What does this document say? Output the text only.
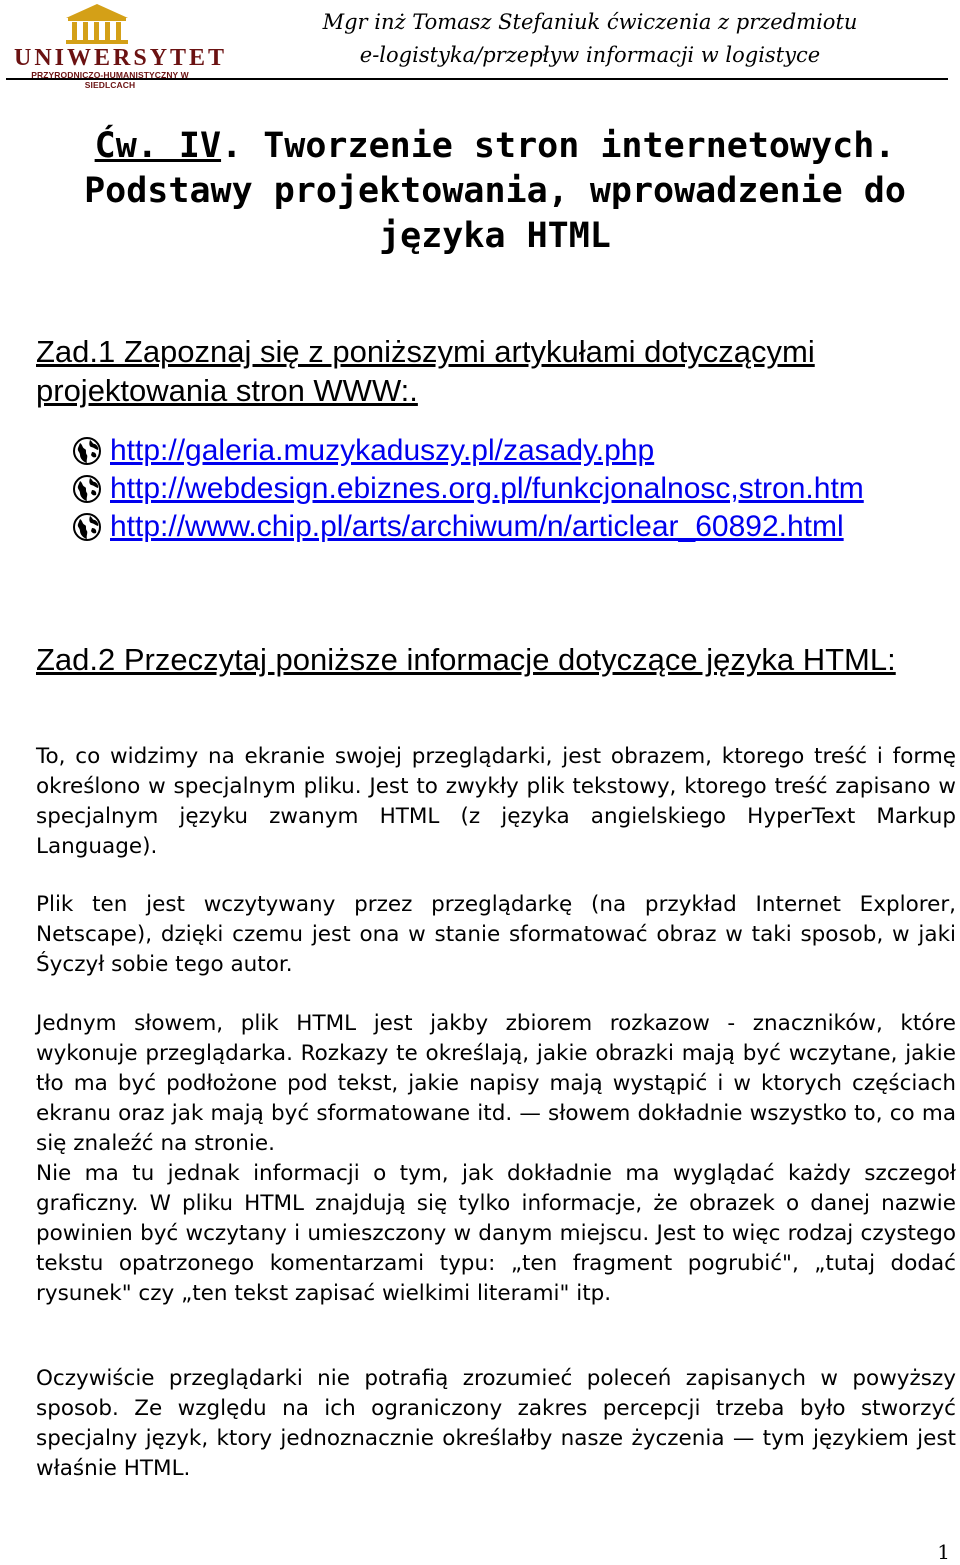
UNIWERSYTET
PRZYRODNICZO-HUMANISTYCZNY W SIEDLCACH
Mgr inż Tomasz Stefaniuk ćwiczenia z przedmiotu
e-logistyka/przepływ informacji w logistyce
Ćw. IV. Tworzenie stron internetowych.
Podstawy projektowania, wprowadzenie do
języka HTML
Zad.1 Zapoznaj się z poniższymi artykułami dotyczącymi projektowania stron WWW:.
http://galeria.muzykaduszy.pl/zasady.php
http://webdesign.ebiznes.org.pl/funkcjonalnosc,stron.htm
http://www.chip.pl/arts/archiwum/n/articlear_60892.html
Zad.2 Przeczytaj poniższe informacje dotyczące języka HTML:

To, co widzimy na ekranie swojej przeglądarki, jest obrazem, ktorego treść i formę określono w specjalnym pliku. Jest to zwykły plik tekstowy, ktorego treść zapisano w specjalnym języku zwanym HTML (z języka angielskiego HyperText Markup Language).

Plik ten jest wczytywany przez przeglądarkę (na przykład Internet Explorer, Netscape), dzięki czemu jest ona w stanie sformatować obraz w taki sposob, w jaki Śyczył sobie tego autor.

Jednym słowem, plik HTML jest jakby zbiorem rozkazow - znaczników, które wykonuje przeglądarka. Rozkazy te określają, jakie obrazki mają być wczytane, jakie tło ma być podłożone pod tekst, jakie napisy mają wystąpić i w ktorych częściach ekranu oraz jak mają być sformatowane itd. — słowem dokładnie wszystko to, co ma się znaleźć na stronie.
Nie ma tu jednak informacji o tym, jak dokładnie ma wyglądać każdy szczegoł graficzny. W pliku HTML znajdują się tylko informacje, że obrazek o danej nazwie powinien być wczytany i umieszczony w danym miejscu. Jest to więc rodzaj czystego tekstu opatrzonego komentarzami typu: „ten fragment pogrubić", „tutaj dodać rysunek" czy „ten tekst zapisać wielkimi literami" itp.

Oczywiście przeglądarki nie potrafią zrozumieć poleceń zapisanych w powyższy sposob. Ze względu na ich ograniczony zakres percepcji trzeba było stworzyć specjalny język, ktory jednoznacznie określałby nasze życzenia — tym językiem jest właśnie HTML.

1
